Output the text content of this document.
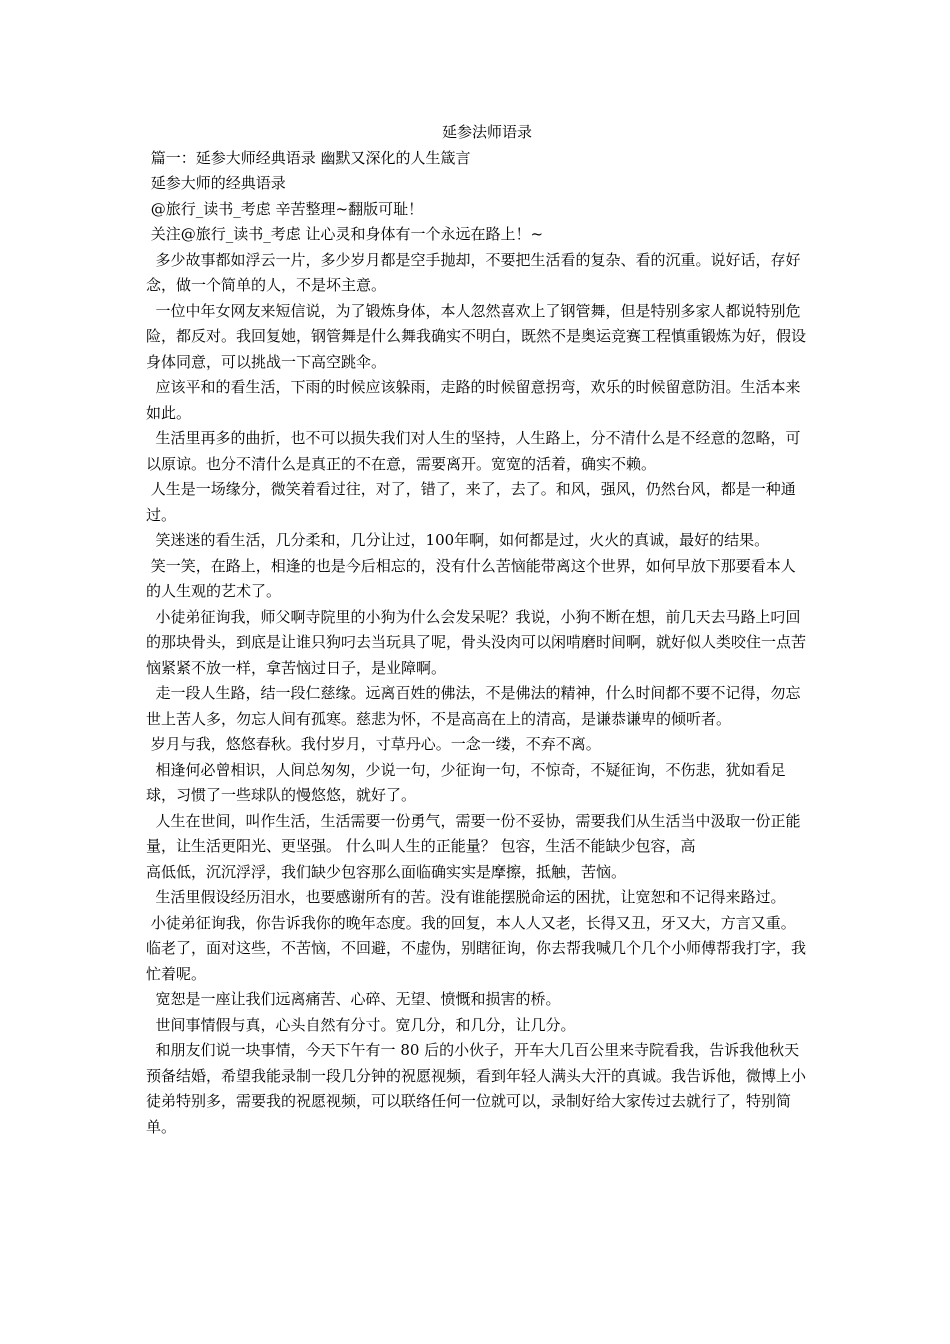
延参法师语录

篇一：延参大师经典语录 幽默又深化的人生箴言

延参大师的经典语录

@旅行_读书_考虑 辛苦整理~翻版可耻！

关注@旅行_读书_考虑 让心灵和身体有一个永远在路上！~

多少故事都如浮云一片，多少岁月都是空手抛却，不要把生活看的复杂、看的沉重。说好话，存好念，做一个简单的人，不是坏主意。

一位中年女网友来短信说，为了锻炼身体，本人忽然喜欢上了钢管舞，但是特别多家人都说特别危险，都反对。我回复她，钢管舞是什么舞我确实不明白，既然不是奥运竞赛工程慎重锻炼为好，假设身体同意，可以挑战一下高空跳伞。

应该平和的看生活，下雨的时候应该躲雨，走路的时候留意拐弯，欢乐的时候留意防泪。生活本来如此。

生活里再多的曲折，也不可以损失我们对人生的坚持，人生路上，分不清什么是不经意的忽略，可以原谅。也分不清什么是真正的不在意，需要离开。宽宽的活着，确实不赖。

人生是一场缘分，微笑着看过往，对了，错了，来了，去了。和风，强风，仍然台风，都是一种通过。

笑迷迷的看生活，几分柔和，几分让过，100年啊，如何都是过，火火的真诚，最好的结果。

笑一笑，在路上，相逢的也是今后相忘的，没有什么苦恼能带离这个世界，如何早放下那要看本人的人生观的艺术了。

小徒弟征询我，师父啊寺院里的小狗为什么会发呆呢？我说，小狗不断在想，前几天去马路上叼回的那块骨头，到底是让谁只狗叼去当玩具了呢，骨头没肉可以闲啃磨时间啊，就好似人类咬住一点苦恼紧紧不放一样，拿苦恼过日子，是业障啊。

走一段人生路，结一段仁慈缘。远离百姓的佛法，不是佛法的精神，什么时间都不要不记得，勿忘世上苦人多，勿忘人间有孤寒。慈悲为怀，不是高高在上的清高，是谦恭谦卑的倾听者。

岁月与我，悠悠春秋。我付岁月，寸草丹心。一念一缕，不弃不离。

相逢何必曾相识，人间总匆匆，少说一句，少征询一句，不惊奇，不疑征询，不伤悲，犹如看足球，习惯了一些球队的慢悠悠，就好了。

人生在世间，叫作生活，生活需要一份勇气，需要一份不妥协，需要我们从生活当中汲取一份正能量，让生活更阳光、更坚强。 什么叫人生的正能量？ 包容，生活不能缺少包容，高

高低低，沉沉浮浮，我们缺少包容那么面临确实实是摩擦，抵触，苦恼。

生活里假设经历泪水，也要感谢所有的苦。没有谁能摆脱命运的困扰，让宽恕和不记得来路过。

小徒弟征询我，你告诉我你的晚年态度。我的回复，本人人又老，长得又丑，牙又大，方言又重。临老了，面对这些，不苦恼，不回避，不虚伪，别瞎征询，你去帮我喊几个几个小师傅帮我打字，我忙着呢。

宽恕是一座让我们远离痛苦、心碎、无望、愤慨和损害的桥。

世间事情假与真，心头自然有分寸。宽几分，和几分，让几分。

和朋友们说一块事情，今天下午有一 80 后的小伙子，开车大几百公里来寺院看我，告诉我他秋天预备结婚，希望我能录制一段几分钟的祝愿视频，看到年轻人满头大汗的真诚。我告诉他，微博上小徒弟特别多，需要我的祝愿视频，可以联络任何一位就可以，录制好给大家传过去就行了，特别简单。
